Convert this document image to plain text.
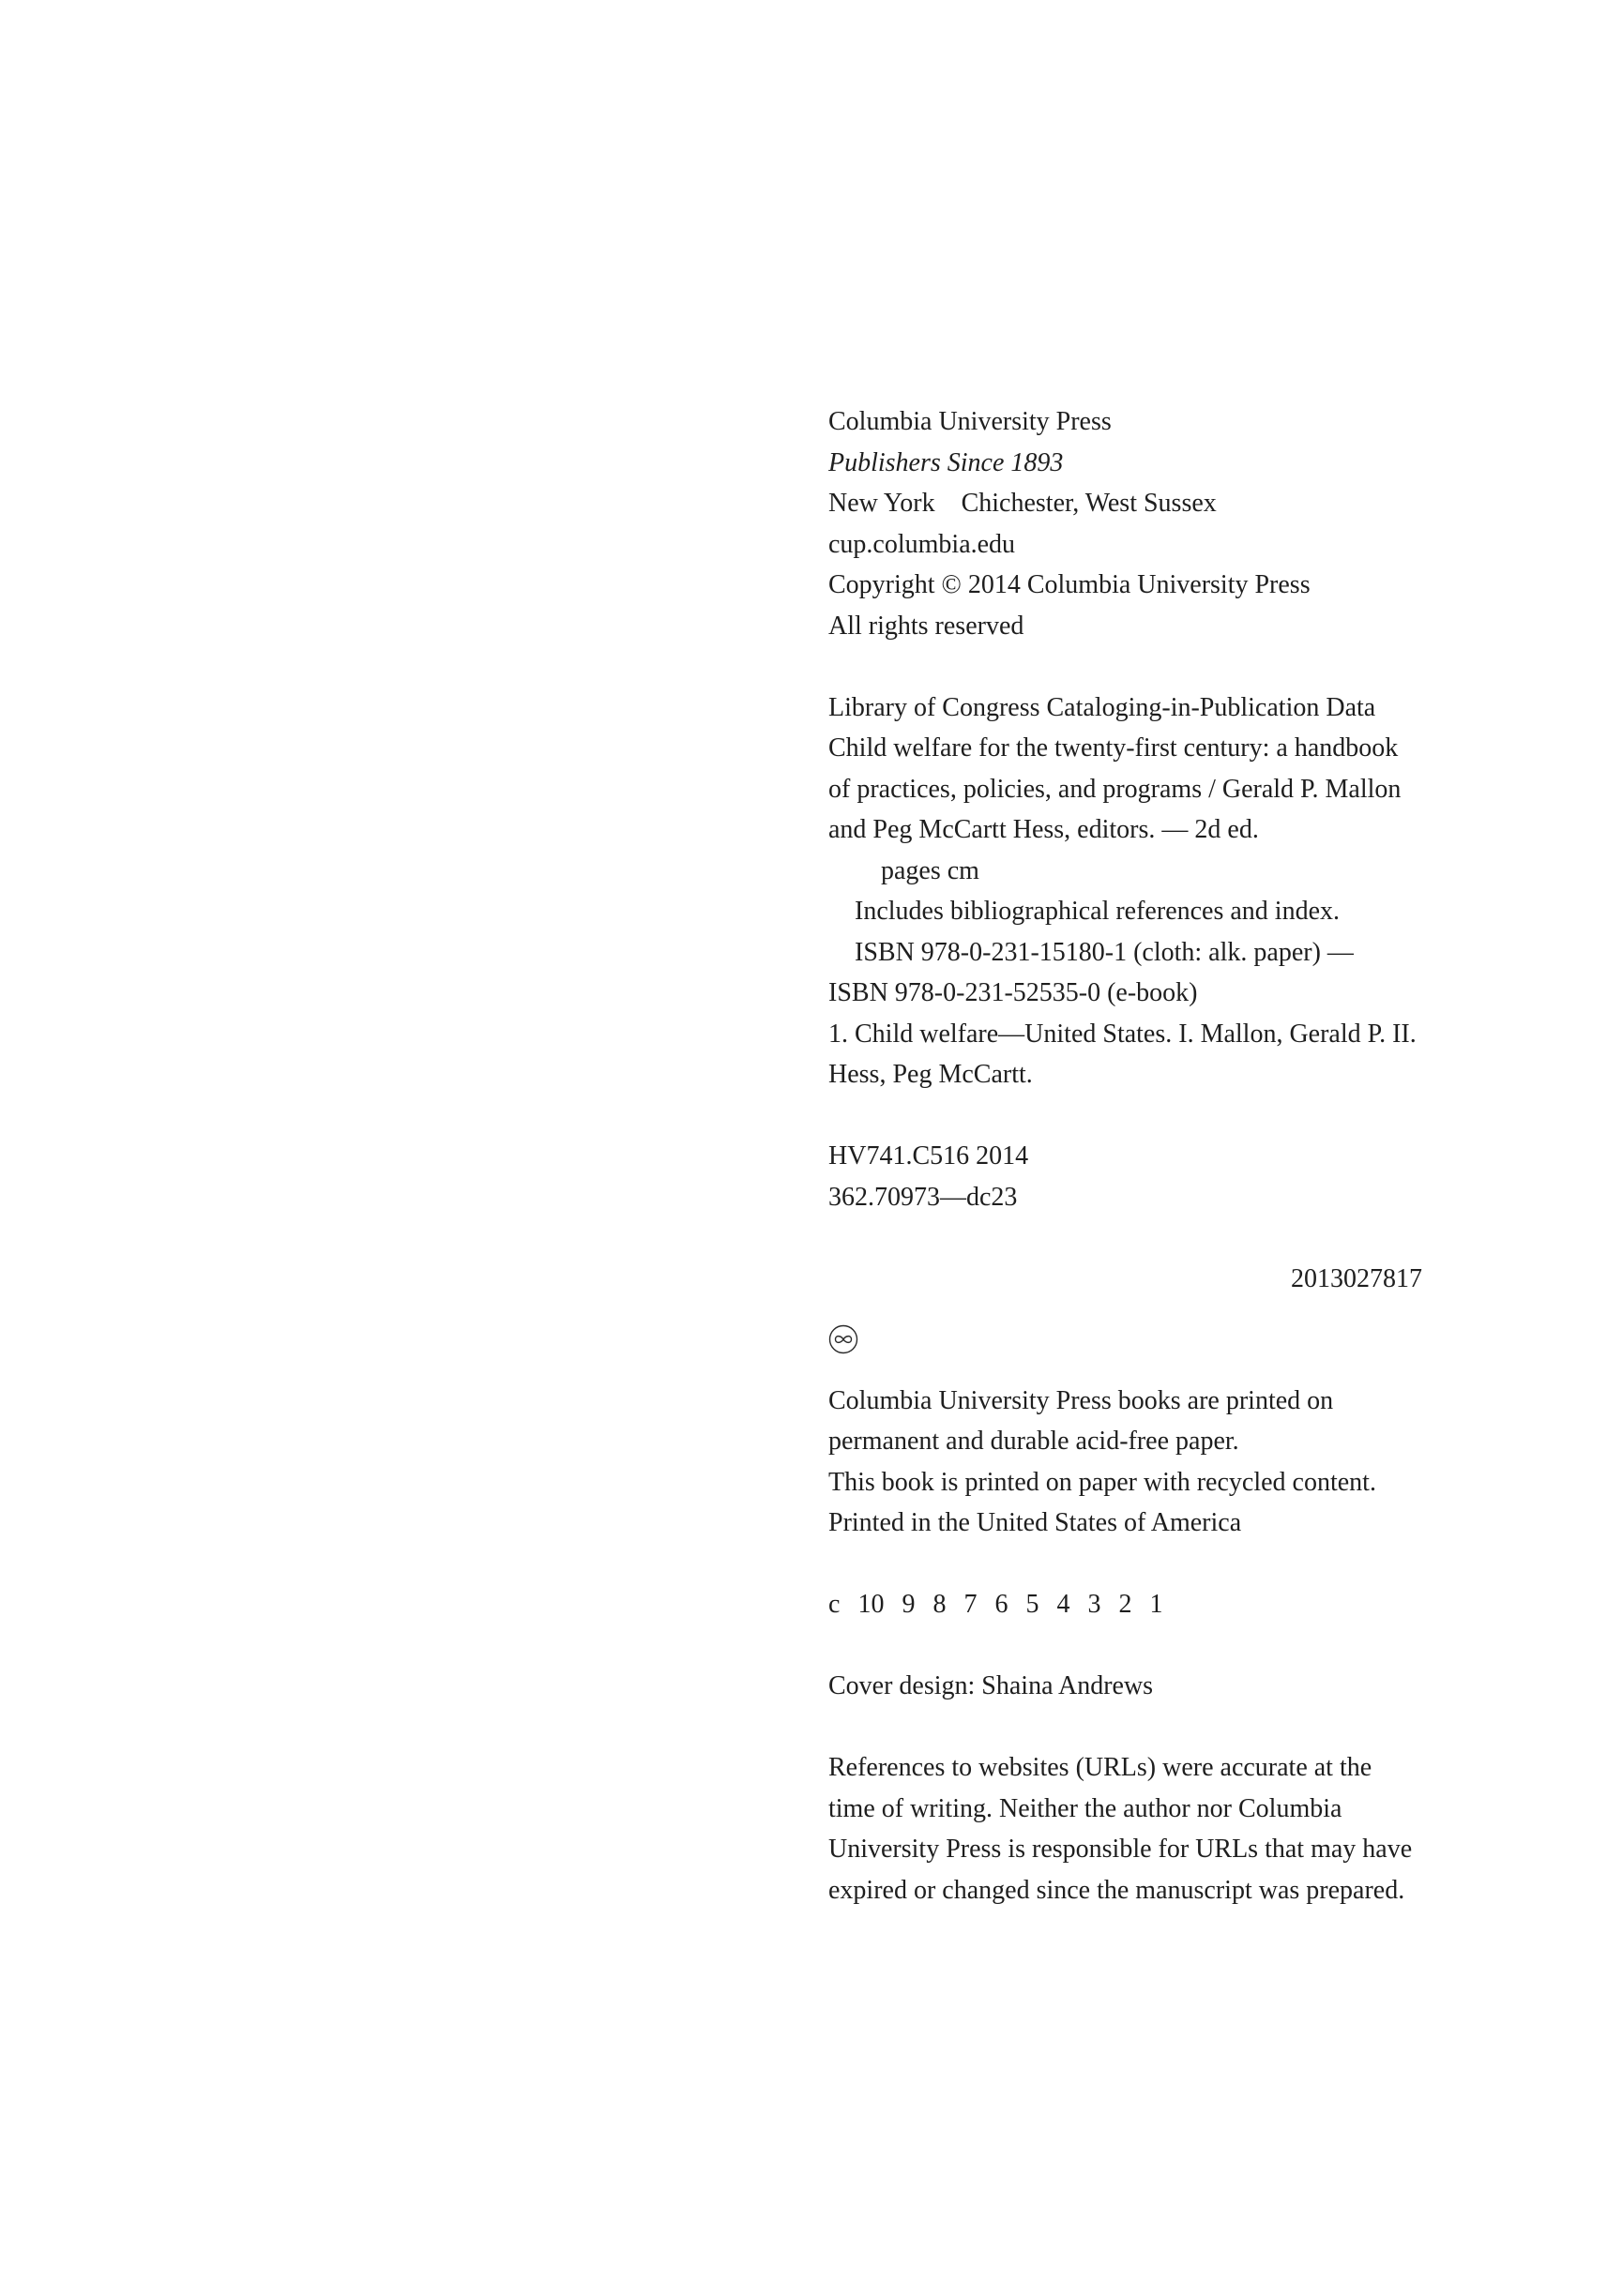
Columbia University Press
Publishers Since 1893
New York Chichester, West Sussex
cup.columbia.edu
Copyright © 2014 Columbia University Press
All rights reserved
Library of Congress Cataloging-in-Publication Data
Child welfare for the twenty-first century: a handbook
of practices, policies, and programs / Gerald P. Mallon
and Peg McCartt Hess, editors. — 2d ed.
pages cm
Includes bibliographical references and index.
ISBN 978-0-231-15180-1 (cloth: alk. paper) —
ISBN 978-0-231-52535-0 (e-book)
1. Child welfare—United States. I. Mallon, Gerald P. II.
Hess, Peg McCartt.
HV741.C516 2014
362.70973—dc23
2013027817
Columbia University Press books are printed on
permanent and durable acid-free paper.
This book is printed on paper with recycled content.
Printed in the United States of America
c 10 9 8 7 6 5 4 3 2 1
Cover design: Shaina Andrews
References to websites (URLs) were accurate at the
time of writing. Neither the author nor Columbia
University Press is responsible for URLs that may have
expired or changed since the manuscript was prepared.
